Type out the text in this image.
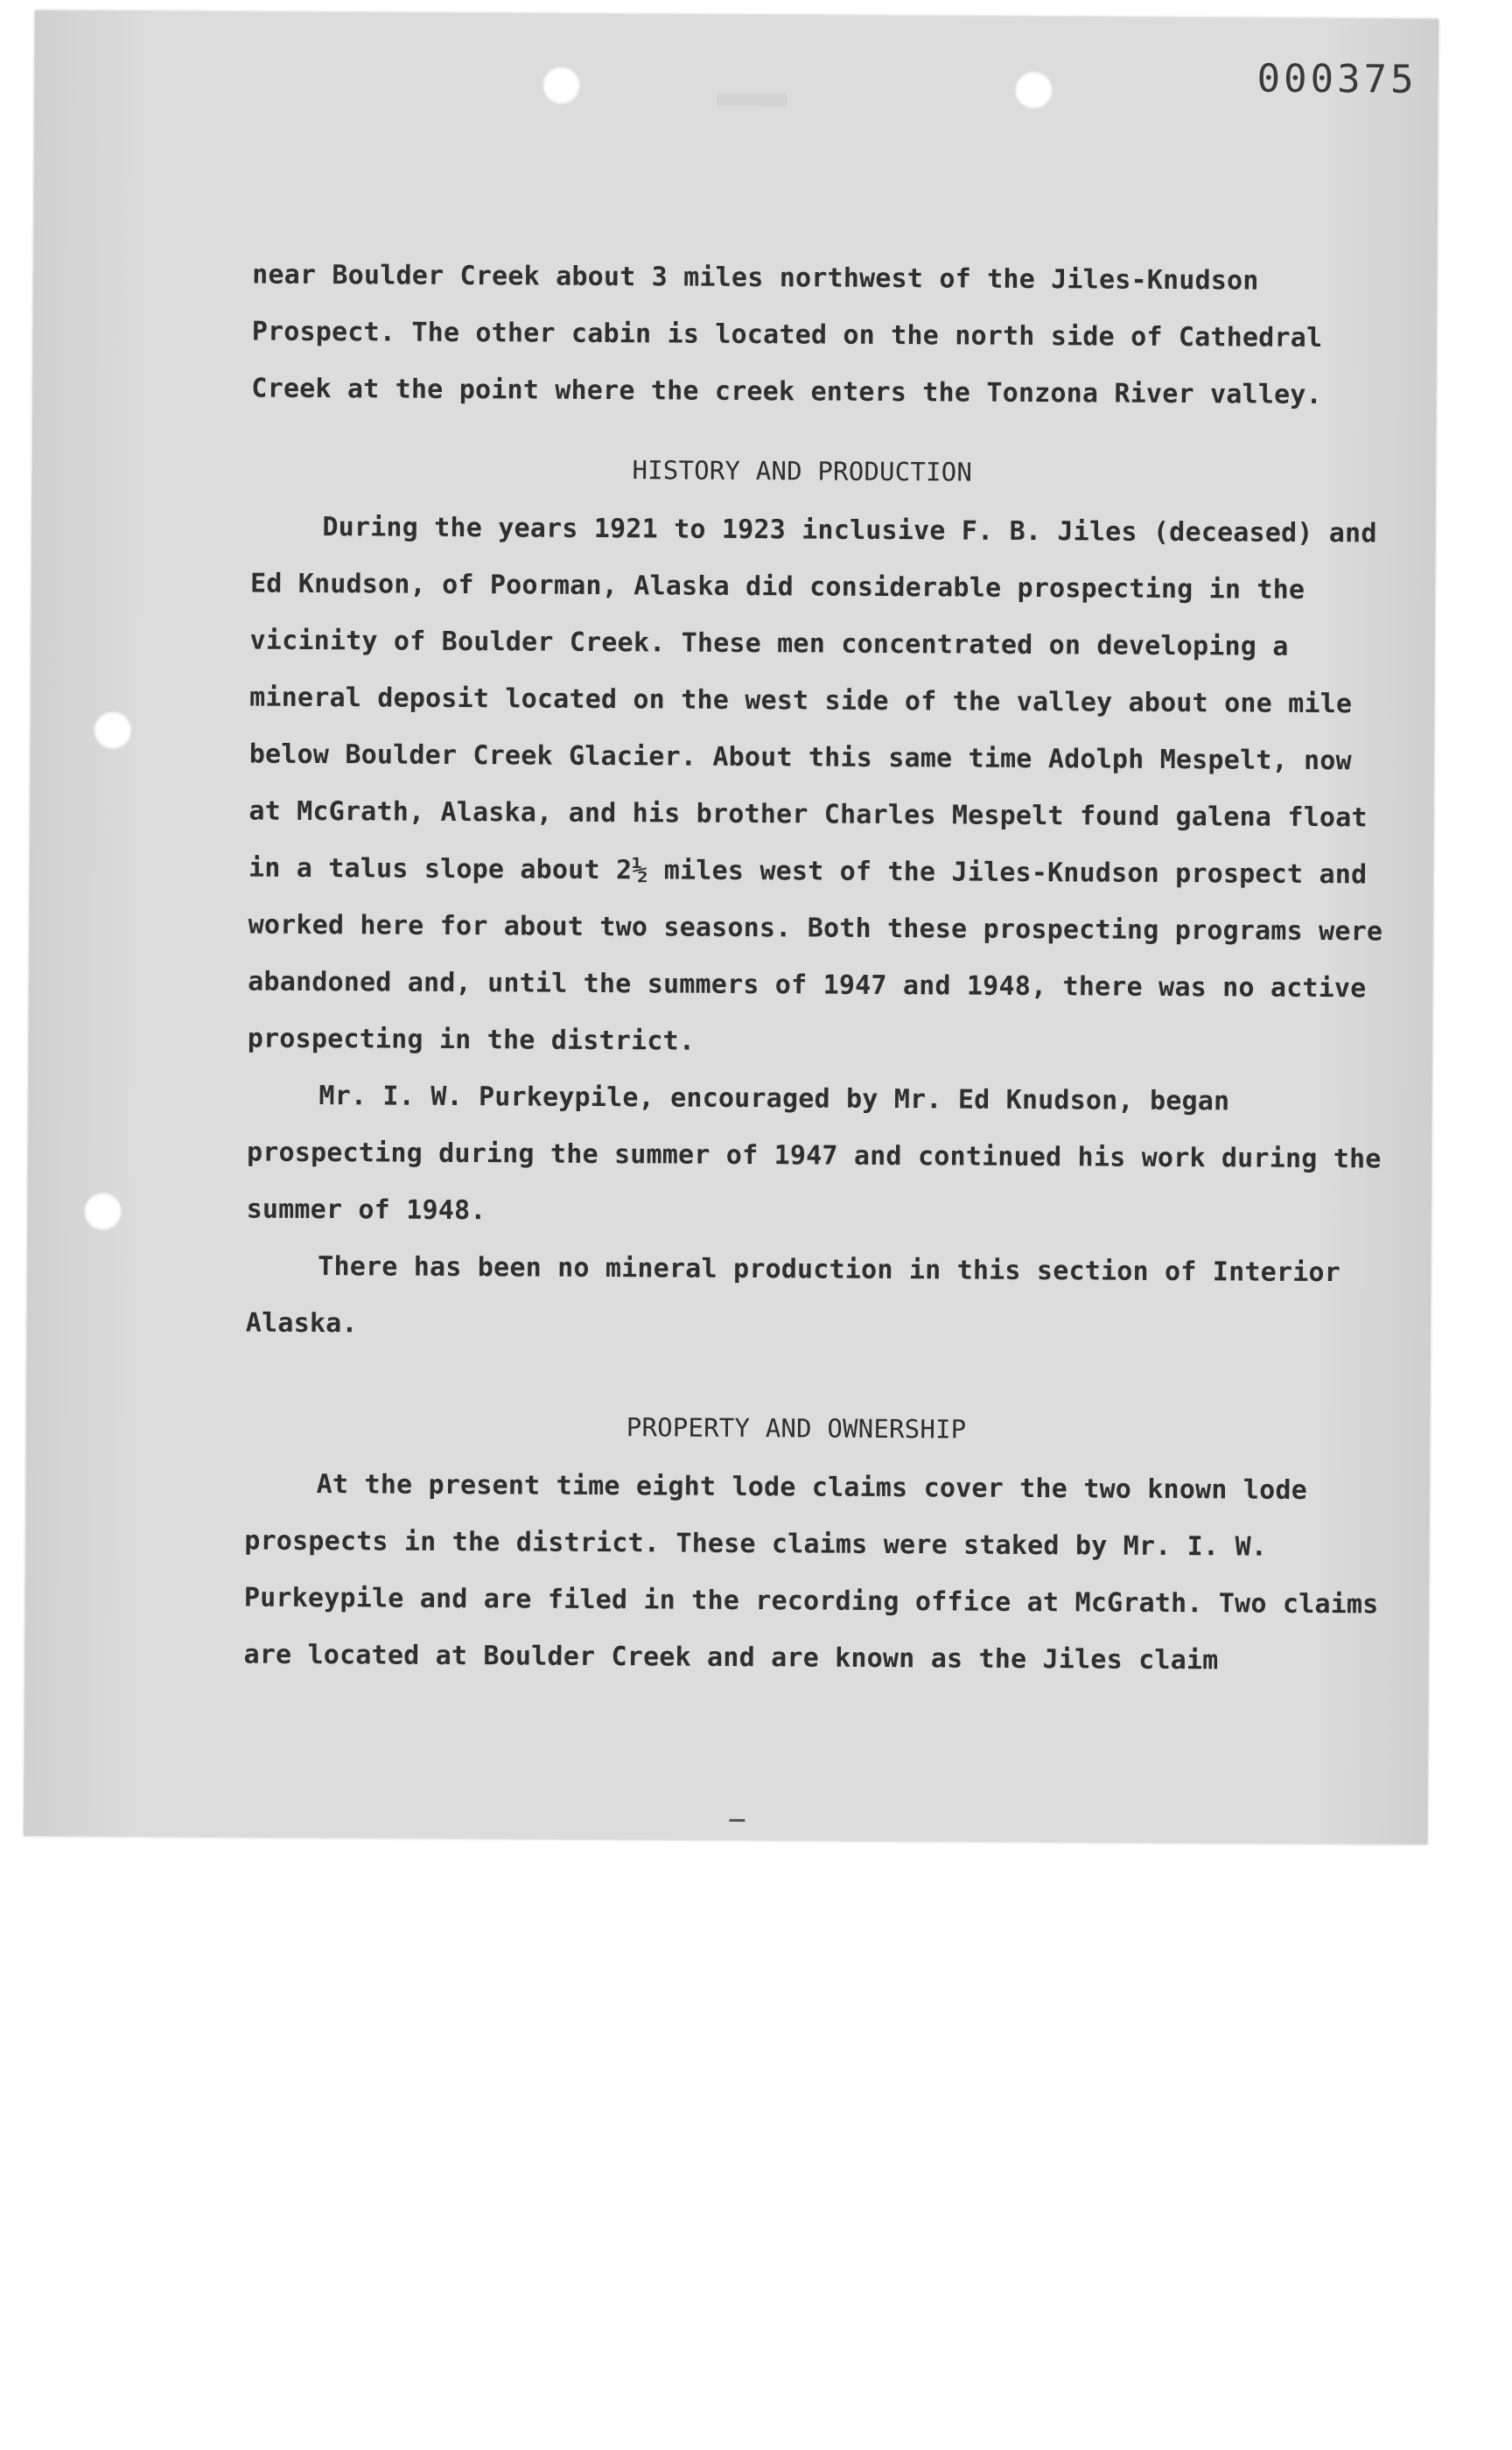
000375

near Boulder Creek about 3 miles northwest of the Jiles-Knudson Prospect. The other cabin is located on the north side of Cathedral Creek at the point where the creek enters the Tonzona River valley.

HISTORY AND PRODUCTION

During the years 1921 to 1923 inclusive F. B. Jiles (deceased) and Ed Knudson, of Poorman, Alaska did considerable prospecting in the vicinity of Boulder Creek. These men concentrated on developing a mineral deposit located on the west side of the valley about one mile below Boulder Creek Glacier. About this same time Adolph Mespelt, now at McGrath, Alaska, and his brother Charles Mespelt found galena float in a talus slope about 2½ miles west of the Jiles-Knudson prospect and worked here for about two seasons. Both these prospecting programs were abandoned and, until the summers of 1947 and 1948, there was no active prospecting in the district.

Mr. I. W. Purkeypile, encouraged by Mr. Ed Knudson, began prospecting during the summer of 1947 and continued his work during the summer of 1948.

There has been no mineral production in this section of Interior Alaska.

PROPERTY AND OWNERSHIP

At the present time eight lode claims cover the two known lode prospects in the district. These claims were staked by Mr. I. W. Purkeypile and are filed in the recording office at McGrath. Two claims are located at Boulder Creek and are known as the Jiles claim
